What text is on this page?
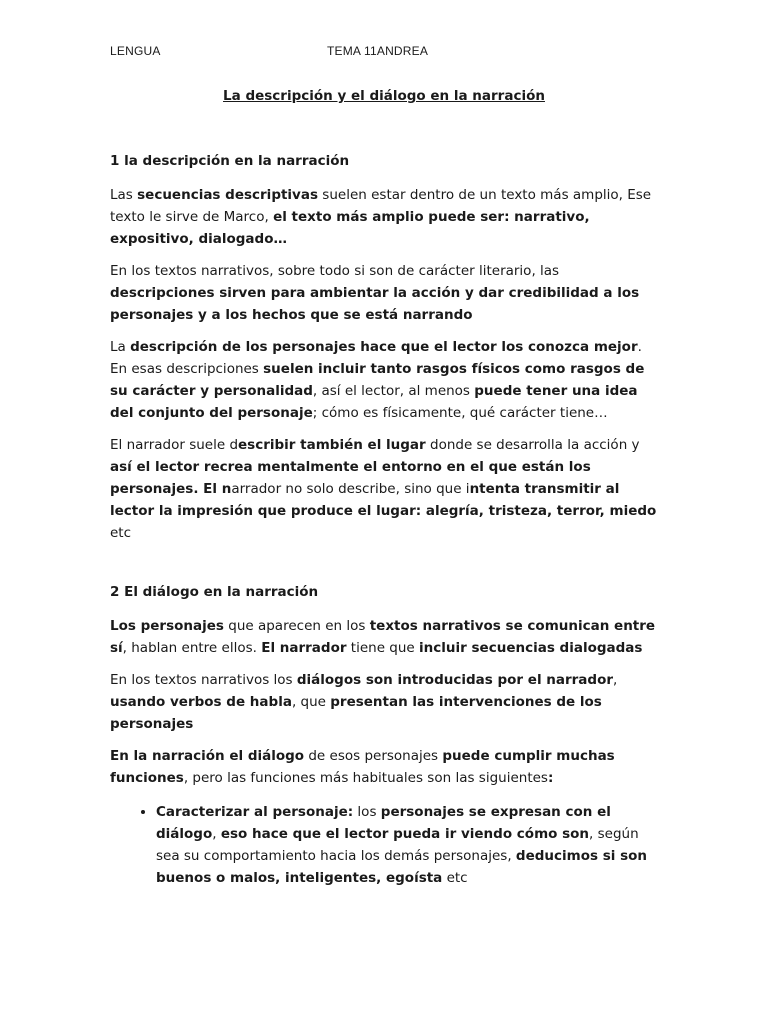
LENGUA	TEMA 11ANDREA
La descripción y el diálogo en la narración

1 la descripción en la narración

Las secuencias descriptivas suelen estar dentro de un texto más amplio, Ese texto le sirve de Marco, el texto más amplio puede ser: narrativo, expositivo, dialogado…

En los textos narrativos, sobre todo si son de carácter literario, las descripciones sirven para ambientar la acción y dar credibilidad a los personajes y a los hechos que se está narrando

La descripción de los personajes hace que el lector los conozca mejor. En esas descripciones suelen incluir tanto rasgos físicos como rasgos de su carácter y personalidad, así el lector, al menos puede tener una idea del conjunto del personaje; cómo es físicamente, qué carácter tiene…

El narrador suele describir también el lugar donde se desarrolla la acción y así el lector recrea mentalmente el entorno en el que están los personajes. El narrador no solo describe, sino que intenta transmitir al lector la impresión que produce el lugar: alegría, tristeza, terror, miedo etc

2 El diálogo en la narración

Los personajes que aparecen en los textos narrativos se comunican entre sí, hablan entre ellos. El narrador tiene que incluir secuencias dialogadas

En los textos narrativos los diálogos son introducidas por el narrador, usando verbos de habla, que presentan las intervenciones de los personajes

En la narración el diálogo de esos personajes puede cumplir muchas funciones, pero las funciones más habituales son las siguientes:

• Caracterizar al personaje: los personajes se expresan con el diálogo, eso hace que el lector pueda ir viendo cómo son, según sea su comportamiento hacia los demás personajes, deducimos si son buenos o malos, inteligentes, egoísta etc
